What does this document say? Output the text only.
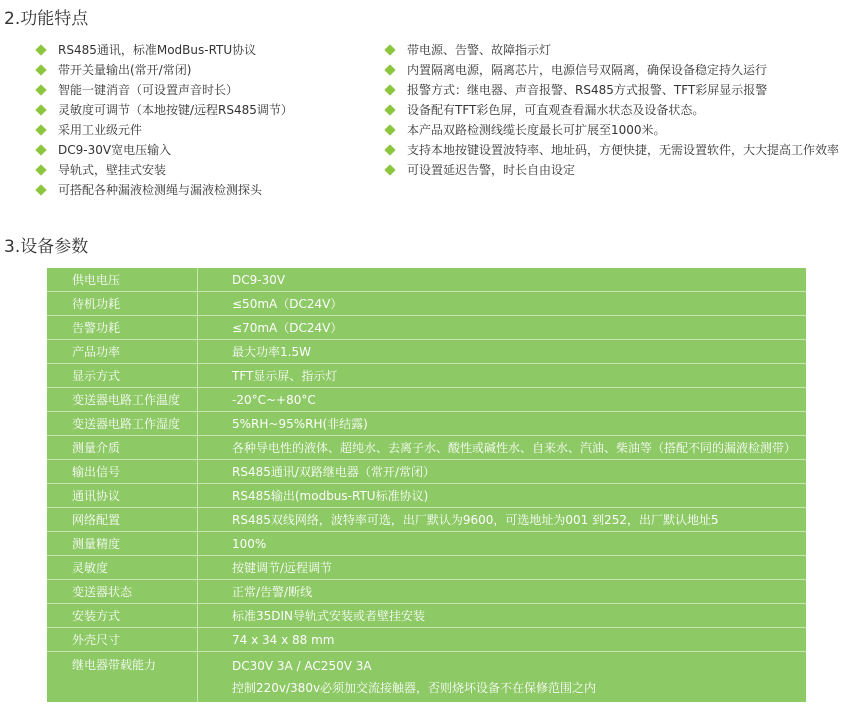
2.功能特点
RS485通讯，标准ModBus-RTU协议
带开关量输出(常开/常闭)
智能一键消音（可设置声音时长）
灵敏度可调节（本地按键/远程RS485调节）
采用工业级元件
DC9-30V宽电压输入
导轨式，壁挂式安装
可搭配各种漏液检测绳与漏液检测探头
带电源、告警、故障指示灯
内置隔离电源，隔离芯片，电源信号双隔离，确保设备稳定持久运行
报警方式：继电器、声音报警、RS485方式报警、TFT彩屏显示报警
设备配有TFT彩色屏，可直观查看漏水状态及设备状态。
本产品双路检测线缆长度最长可扩展至1000米。
支持本地按键设置波特率、地址码，方便快捷，无需设置软件，大大提高工作效率
可设置延迟告警，时长自由设定
3.设备参数
供电电压	DC9-30V
待机功耗	≤50mA（DC24V）
告警功耗	≤70mA（DC24V）
产品功率	最大功率1.5W
显示方式	TFT显示屏、指示灯
变送器电路工作温度	-20°C~+80°C
变送器电路工作湿度	5%RH~95%RH(非结露)
测量介质	各种导电性的液体、超纯水、去离子水、酸性或碱性水、自来水、汽油、柴油等（搭配不同的漏液检测带）
输出信号	RS485通讯/双路继电器（常开/常闭）
通讯协议	RS485输出(modbus-RTU标准协议)
网络配置	RS485双线网络，波特率可选，出厂默认为9600，可选地址为001 到252，出厂默认地址5
测量精度	100%
灵敏度	按键调节/远程调节
变送器状态	正常/告警/断线
安装方式	标准35DIN导轨式安装或者壁挂安装
外壳尺寸	74 x 34 x 88 mm
继电器带载能力	DC30V 3A / AC250V 3A
控制220v/380v必须加交流接触器，否则烧坏设备不在保修范围之内
